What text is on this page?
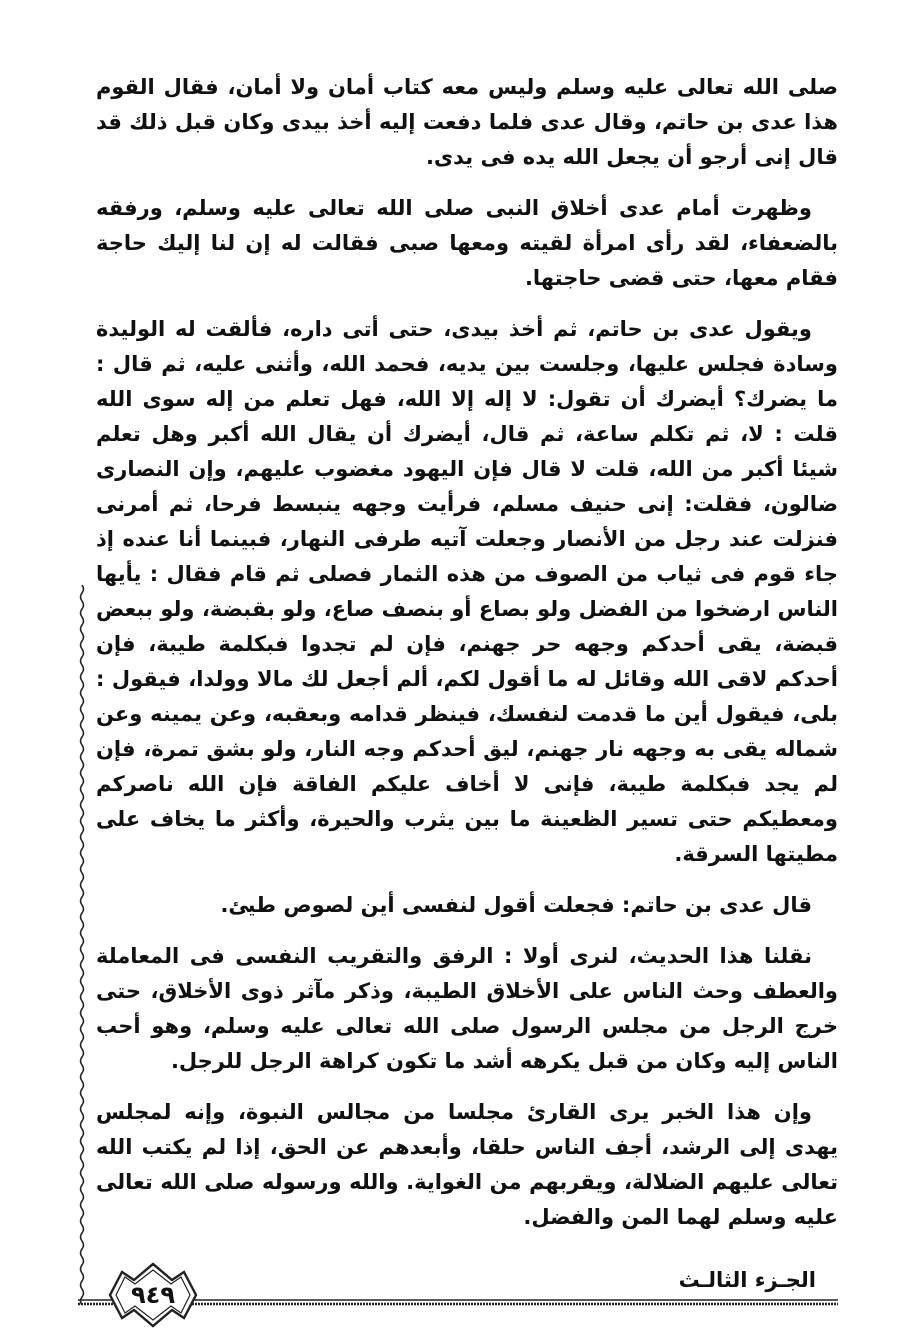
صلى الله تعالى عليه وسلم وليس معه كتاب أمان ولا أمان، فقال القوم هذا عدى بن حاتم، وقال عدى فلما دفعت إليه أخذ بيدى وكان قبل ذلك قد قال إنى أرجو أن يجعل الله يده فى يدى.

وظهرت أمام عدى أخلاق النبى صلى الله تعالى عليه وسلم، ورفقه بالضعفاء، لقد رأى امرأة لقيته ومعها صبى فقالت له إن لنا إليك حاجة فقام معها، حتى قضى حاجتها.

ويقول عدى بن حاتم، ثم أخذ بيدى، حتى أتى داره، فألقت له الوليدة وسادة فجلس عليها، وجلست بين يديه، فحمد الله، وأثنى عليه، ثم قال : ما يضرك؟ أيضرك أن تقول: لا إله إلا الله، فهل تعلم من إله سوى الله قلت : لا، ثم تكلم ساعة، ثم قال، أيضرك أن يقال الله أكبر وهل تعلم شيئا أكبر من الله، قلت لا قال فإن اليهود مغضوب عليهم، وإن النصارى ضالون، فقلت: إنى حنيف مسلم، فرأيت وجهه ينبسط فرحا، ثم أمرنى فنزلت عند رجل من الأنصار وجعلت آتيه طرفى النهار، فبينما أنا عنده إذ جاء قوم فى ثياب من الصوف من هذه الثمار فصلى ثم قام فقال : يأيها الناس ارضخوا من الفضل ولو بصاع أو بنصف صاع، ولو بقبضة، ولو ببعض قبضة، يقى أحدكم وجهه حر جهنم، فإن لم تجدوا فبكلمة طيبة، فإن أحدكم لاقى الله وقائل له ما أقول لكم، ألم أجعل لك مالا وولدا، فيقول : بلى، فيقول أين ما قدمت لنفسك، فينظر قدامه وبعقبه، وعن يمينه وعن شماله يقى به وجهه نار جهنم، ليق أحدكم وجه النار، ولو بشق تمرة، فإن لم يجد فبكلمة طيبة، فإنى لا أخاف عليكم الفاقة فإن الله ناصركم ومعطيكم حتى تسير الظعينة ما بين يثرب والحيرة، وأكثر ما يخاف على مطيتها السرقة.

قال عدى بن حاتم: فجعلت أقول لنفسى أين لصوص طيئ.

نقلنا هذا الحديث، لنرى أولا : الرفق والتقريب النفسى فى المعاملة والعطف وحث الناس على الأخلاق الطيبة، وذكر مآثر ذوى الأخلاق، حتى خرج الرجل من مجلس الرسول صلى الله تعالى عليه وسلم، وهو أحب الناس إليه وكان من قبل يكرهه أشد ما تكون كراهة الرجل للرجل.

وإن هذا الخبر يرى القارئ مجلسا من مجالس النبوة، وإنه لمجلس يهدى إلى الرشد، أجف الناس حلقا، وأبعدهم عن الحق، إذا لم يكتب الله تعالى عليهم الضلالة، ويقربهم من الغواية. والله ورسوله صلى الله تعالى عليه وسلم لهما المن والفضل.

٩٤٩
الجـزء الثالـث
